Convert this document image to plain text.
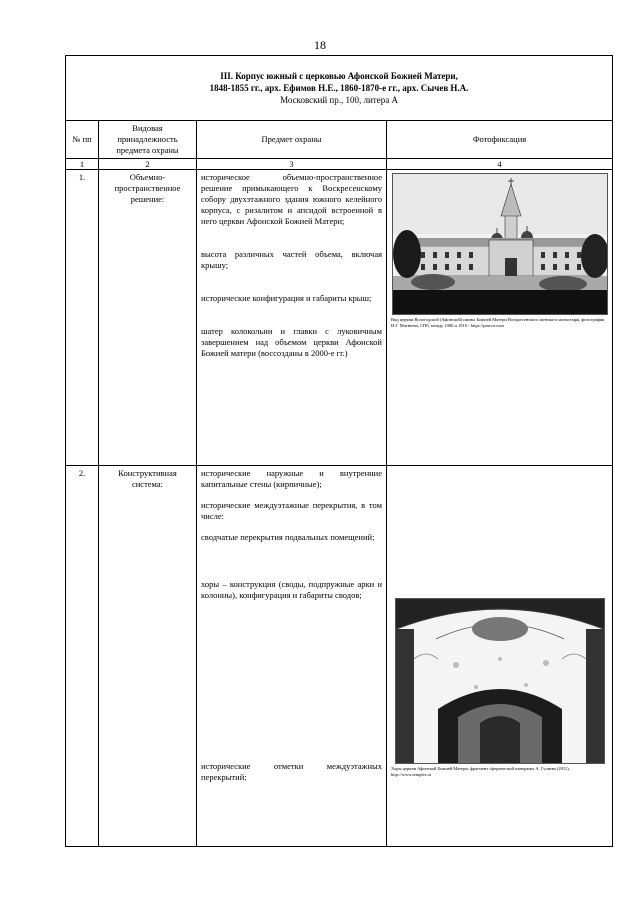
18
III. Корпус южный с церковью Афонской Божией Матери,
1848-1855 гг., арх. Ефимов Н.Е., 1860-1870-е гг., арх. Сычев Н.А.
Московский пр., 100, литера А			

№ пп	Видовая принадлежность предмета охраны	Предмет охраны	Фотофиксация
1	2	3	4
1.	Объемно-пространственное решение:	историческое объемно-пространственное решение примыкающего к Воскресенскому собору двухэтажного здания южного келейного корпуса, с ризалитом и апсидой встроенной в него церкви Афонской Божией Матери;
высота различных частей объема, включая крышу;
исторические конфигурация и габариты крыш;
шатер колокольни и главки с луковичным завершением над объемом церкви Афонской Божией матери (воссозданы в 2000-е гг.)	Вид церкви Вологодской (Афонской) иконы Божией Матери Воскресенского женского монастыря, фотография И.Г. Матвеева, СПб, между 1900 и 1910 - https://pastvu.com

2.	Конструктивная система:	исторические наружные и внутренние капитальные стены (кирпичные);
исторические междуэтажные перекрытия, в том числе:
сводчатые перекрытия подвальных помещений;
хоры – конструкция (своды, подпружные арки и колонны), конфигурация и габариты сводов;
исторические отметки междуэтажных перекрытий;	Хоры церкви Афонской Божией Матери, фрагмент сферической панорамы А. Гуляева (2011), http://www.temples.ru
